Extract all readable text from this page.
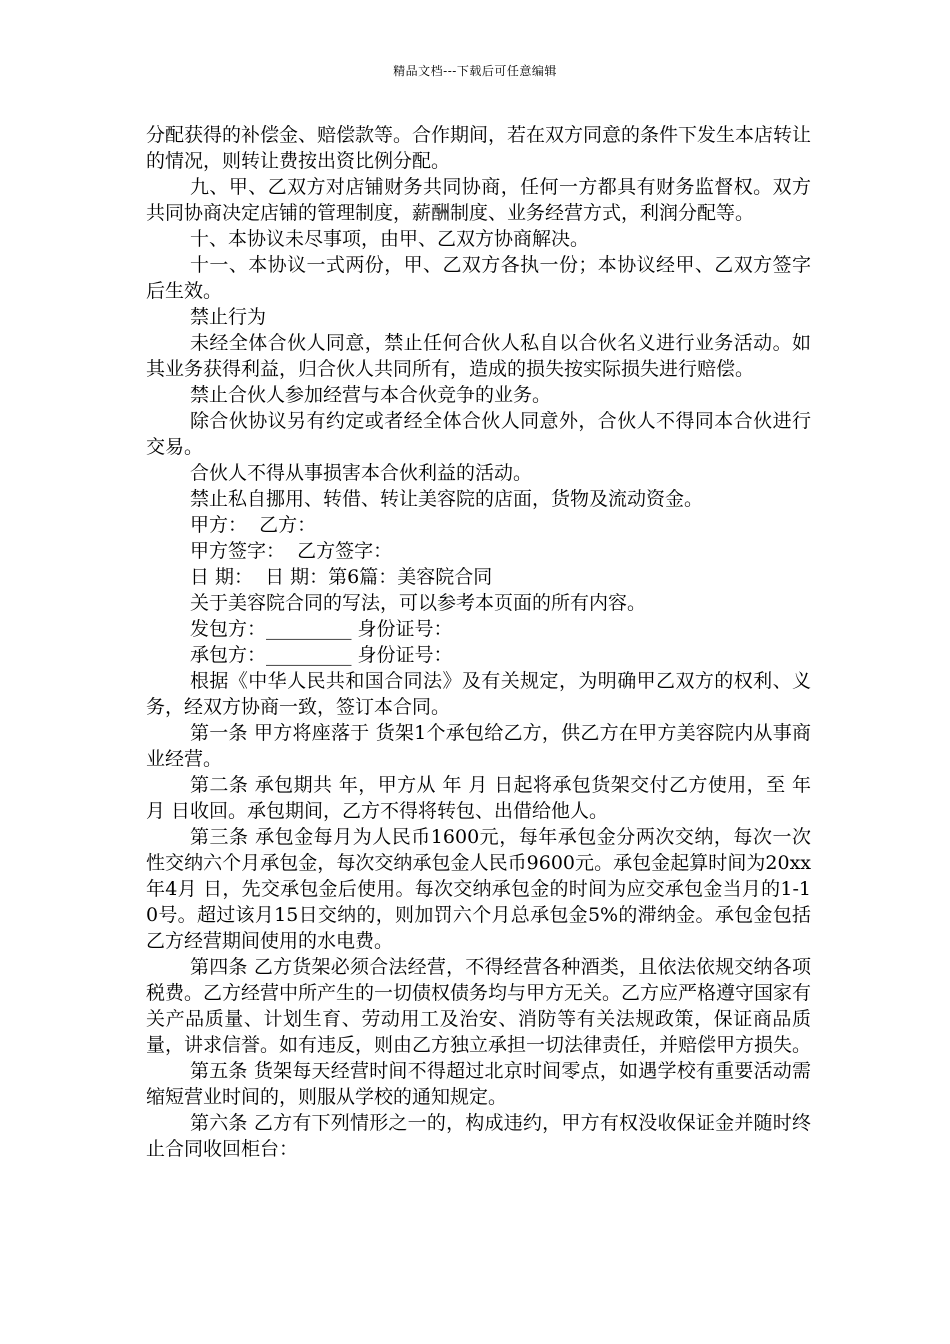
精品文档---下载后可任意编辑

分配获得的补偿金、赔偿款等。合作期间，若在双方同意的条件下发生本店转让的情况，则转让费按出资比例分配。

九、甲、乙双方对店铺财务共同协商，任何一方都具有财务监督权。双方共同协商决定店铺的管理制度，薪酬制度、业务经营方式，利润分配等。

十、本协议未尽事项，由甲、乙双方协商解决。

十一、本协议一式两份，甲、乙双方各执一份；本协议经甲、乙双方签字后生效。

禁止行为

未经全体合伙人同意，禁止任何合伙人私自以合伙名义进行业务活动。如其业务获得利益，归合伙人共同所有，造成的损失按实际损失进行赔偿。

禁止合伙人参加经营与本合伙竞争的业务。

除合伙协议另有约定或者经全体合伙人同意外，合伙人不得同本合伙进行交易。

合伙人不得从事损害本合伙利益的活动。

禁止私自挪用、转借、转让美容院的店面，货物及流动资金。

甲方：  乙方：

甲方签字：  乙方签字：

日 期：  日 期：第6篇：美容院合同

关于美容院合同的写法，可以参考本页面的所有内容。

发包方：_________ 身份证号：

承包方：_________ 身份证号：

根据《中华人民共和国合同法》及有关规定，为明确甲乙双方的权利、义务，经双方协商一致，签订本合同。

第一条 甲方将座落于 货架1个承包给乙方，供乙方在甲方美容院内从事商业经营。

第二条 承包期共 年，甲方从 年 月 日起将承包货架交付乙方使用，至 年 月 日收回。承包期间，乙方不得将转包、出借给他人。

第三条 承包金每月为人民币1600元，每年承包金分两次交纳，每次一次性交纳六个月承包金，每次交纳承包金人民币9600元。承包金起算时间为20xx年4月 日，先交承包金后使用。每次交纳承包金的时间为应交承包金当月的1-10号。超过该月15日交纳的，则加罚六个月总承包金5%的滞纳金。承包金包括乙方经营期间使用的水电费。

第四条 乙方货架必须合法经营，不得经营各种酒类，且依法依规交纳各项税费。乙方经营中所产生的一切债权债务均与甲方无关。乙方应严格遵守国家有关产品质量、计划生育、劳动用工及治安、消防等有关法规政策，保证商品质量，讲求信誉。如有违反，则由乙方独立承担一切法律责任，并赔偿甲方损失。

第五条 货架每天经营时间不得超过北京时间零点，如遇学校有重要活动需缩短营业时间的，则服从学校的通知规定。

第六条 乙方有下列情形之一的，构成违约，甲方有权没收保证金并随时终止合同收回柜台：
